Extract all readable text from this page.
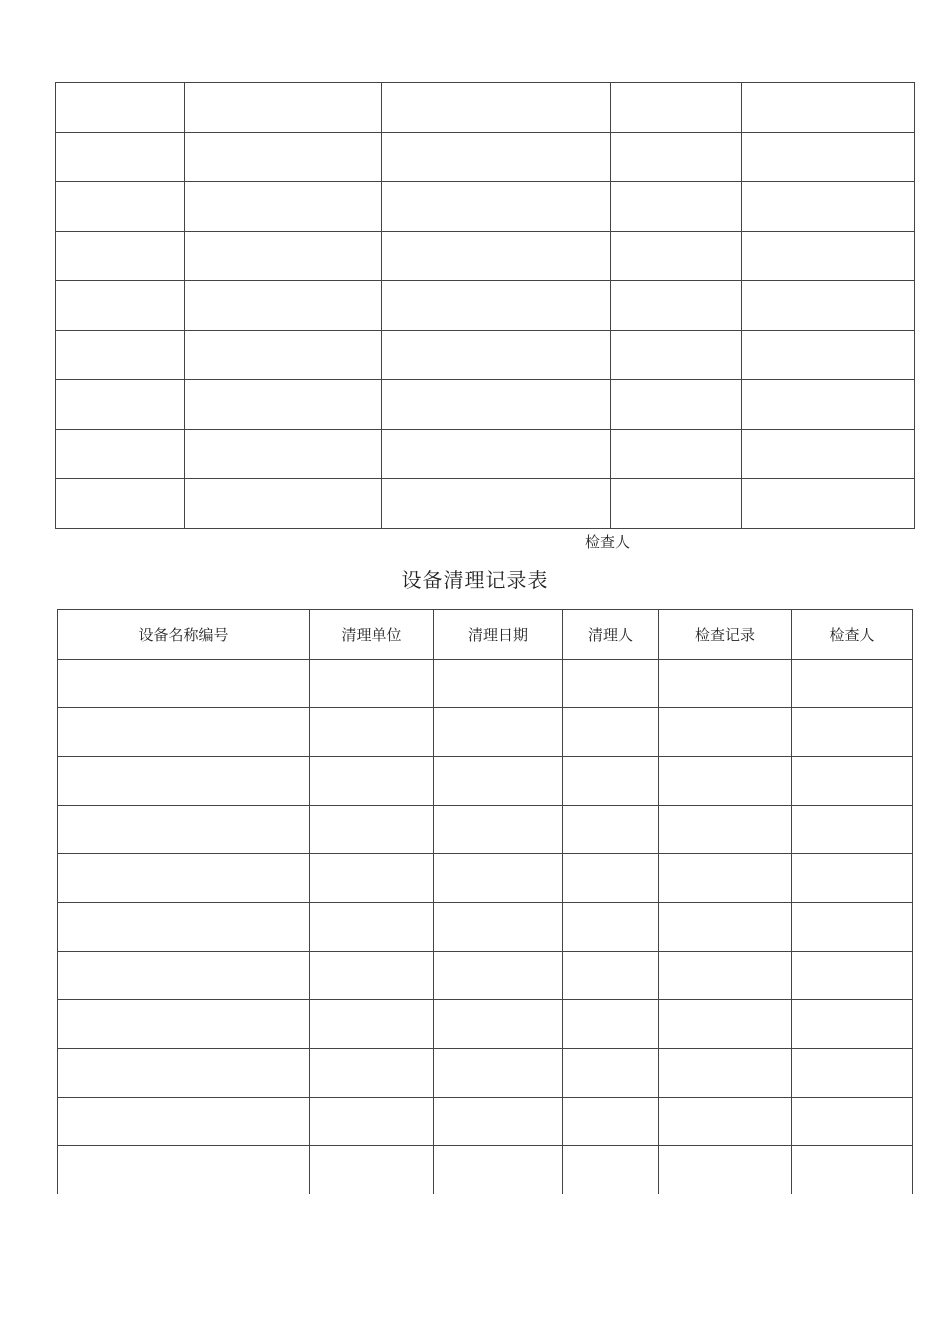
检查人
设备清理记录表
设备名称编号	清理单位	清理日期	清理人	检查记录	检查人
